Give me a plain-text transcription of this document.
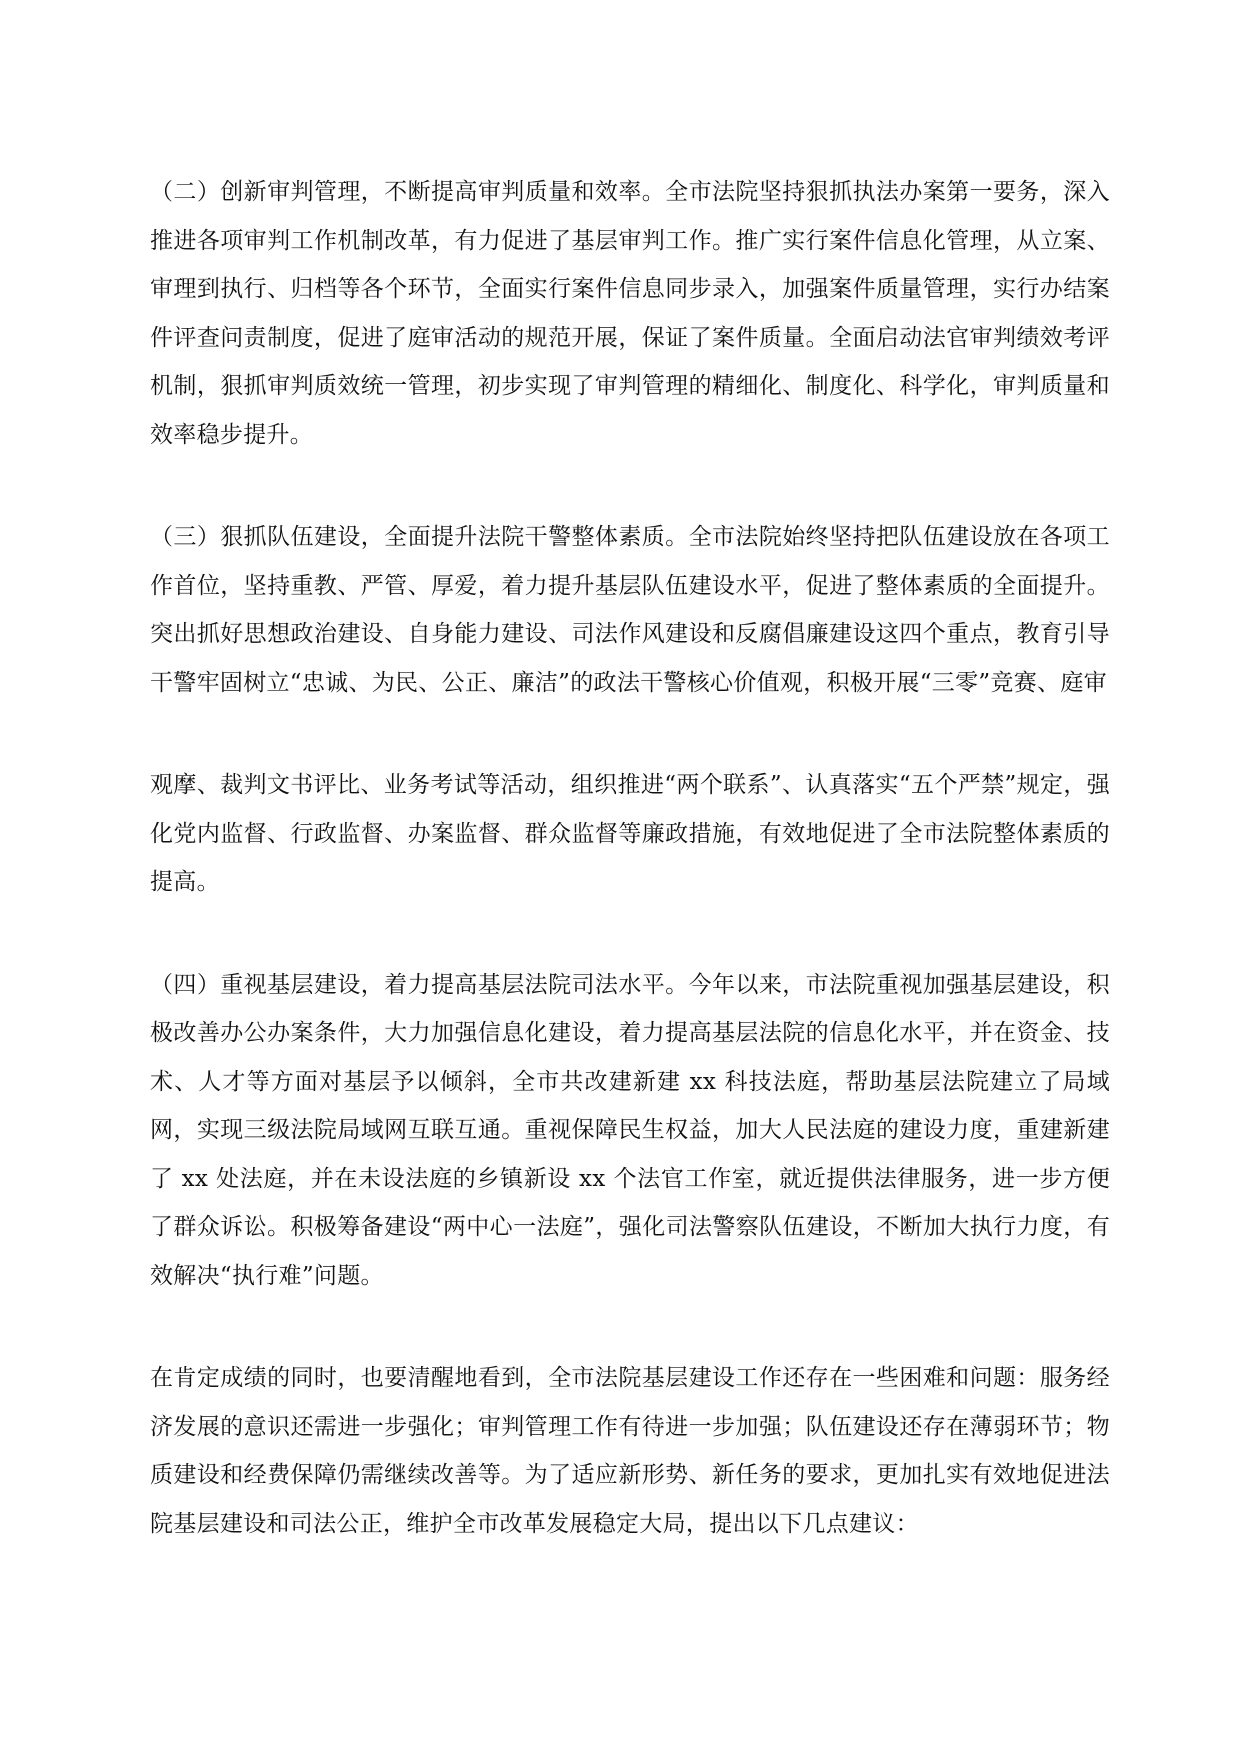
（二）创新审判管理，不断提高审判质量和效率。全市法院坚持狠抓执法办案第一要务，深入推进各项审判工作机制改革，有力促进了基层审判工作。推广实行案件信息化管理，从立案、审理到执行、归档等各个环节，全面实行案件信息同步录入，加强案件质量管理，实行办结案件评查问责制度，促进了庭审活动的规范开展，保证了案件质量。全面启动法官审判绩效考评机制，狠抓审判质效统一管理，初步实现了审判管理的精细化、制度化、科学化，审判质量和效率稳步提升。

（三）狠抓队伍建设，全面提升法院干警整体素质。全市法院始终坚持把队伍建设放在各项工作首位，坚持重教、严管、厚爱，着力提升基层队伍建设水平，促进了整体素质的全面提升。突出抓好思想政治建设、自身能力建设、司法作风建设和反腐倡廉建设这四个重点，教育引导干警牢固树立“忠诚、为民、公正、廉洁”的政法干警核心价值观，积极开展“三零”竞赛、庭审

观摩、裁判文书评比、业务考试等活动，组织推进“两个联系”、认真落实“五个严禁”规定，强化党内监督、行政监督、办案监督、群众监督等廉政措施，有效地促进了全市法院整体素质的提高。

（四）重视基层建设，着力提高基层法院司法水平。今年以来，市法院重视加强基层建设，积极改善办公办案条件，大力加强信息化建设，着力提高基层法院的信息化水平，并在资金、技术、人才等方面对基层予以倾斜，全市共改建新建 xx 科技法庭，帮助基层法院建立了局域网，实现三级法院局域网互联互通。重视保障民生权益，加大人民法庭的建设力度，重建新建了 xx 处法庭，并在未设法庭的乡镇新设 xx 个法官工作室，就近提供法律服务，进一步方便了群众诉讼。积极筹备建设“两中心一法庭”，强化司法警察队伍建设，不断加大执行力度，有效解决“执行难”问题。

在肯定成绩的同时，也要清醒地看到，全市法院基层建设工作还存在一些困难和问题：服务经济发展的意识还需进一步强化；审判管理工作有待进一步加强；队伍建设还存在薄弱环节；物质建设和经费保障仍需继续改善等。为了适应新形势、新任务的要求，更加扎实有效地促进法院基层建设和司法公正，维护全市改革发展稳定大局，提出以下几点建议：
